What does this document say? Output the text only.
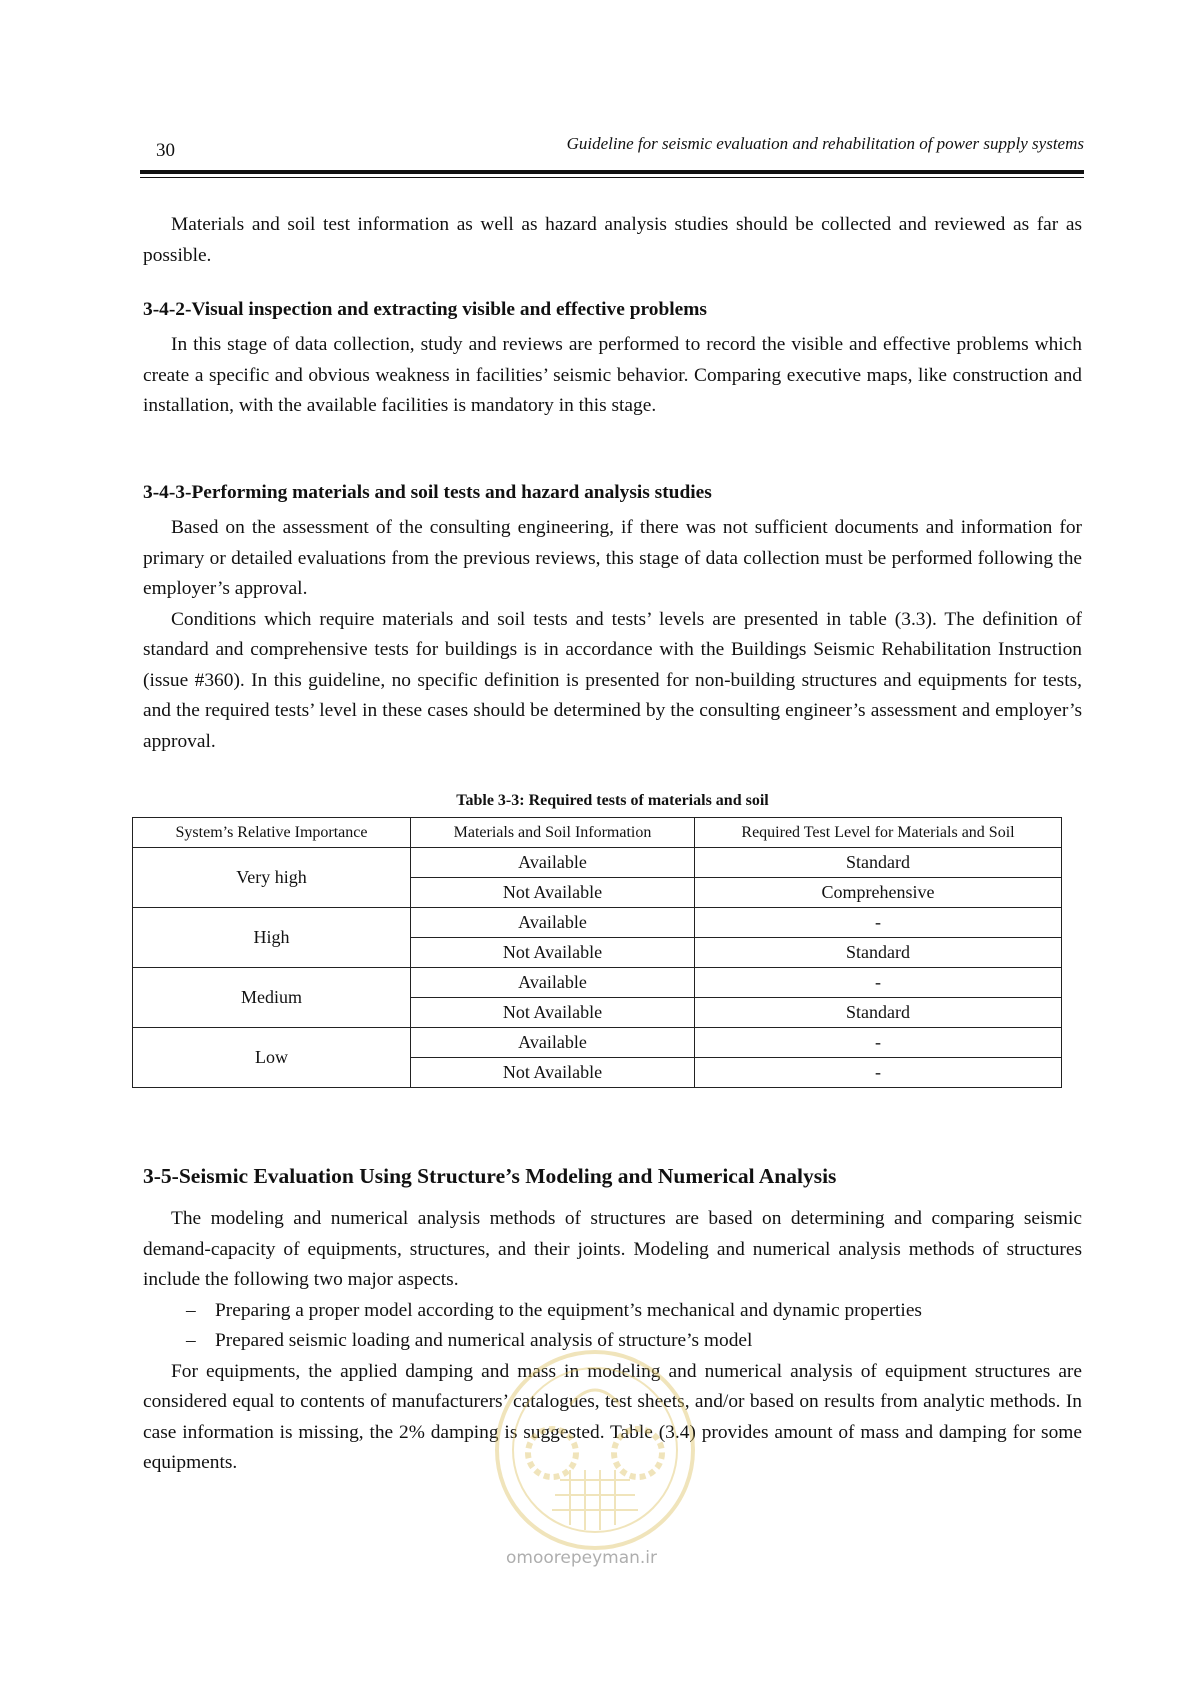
30	Guideline for seismic evaluation and rehabilitation of power supply systems

Materials and soil test information as well as hazard analysis studies should be collected and reviewed as far as possible.

3-4-2-Visual inspection and extracting visible and effective problems

In this stage of data collection, study and reviews are performed to record the visible and effective problems which create a specific and obvious weakness in facilities’ seismic behavior. Comparing executive maps, like construction and installation, with the available facilities is mandatory in this stage.

3-4-3-Performing materials and soil tests and hazard analysis studies

Based on the assessment of the consulting engineering, if there was not sufficient documents and information for primary or detailed evaluations from the previous reviews, this stage of data collection must be performed following the employer’s approval.

Conditions which require materials and soil tests and tests’ levels are presented in table (3.3). The definition of standard and comprehensive tests for buildings is in accordance with the Buildings Seismic Rehabilitation Instruction (issue #360). In this guideline, no specific definition is presented for non-building structures and equipments for tests, and the required tests’ level in these cases should be determined by the consulting engineer’s assessment and employer’s approval.

Table 3-3: Required tests of materials and soil
System’s Relative Importance	Materials and Soil Information	Required Test Level for Materials and Soil
Very high	Available	Standard
	Not Available	Comprehensive
High	Available	-
	Not Available	Standard
Medium	Available	-
	Not Available	Standard
Low	Available	-
	Not Available	-
3-5-Seismic Evaluation Using Structure’s Modeling and Numerical Analysis

The modeling and numerical analysis methods of structures are based on determining and comparing seismic demand-capacity of equipments, structures, and their joints. Modeling and numerical analysis methods of structures include the following two major aspects.

– Preparing a proper model according to the equipment’s mechanical and dynamic properties
– Prepared seismic loading and numerical analysis of structure’s model

For equipments, the applied damping and mass in modeling and numerical analysis of equipment structures are considered equal to contents of manufacturers’ catalogues, test sheets, and/or based on results from analytic methods. In case information is missing, the 2% damping is suggested. Table (3.4) provides amount of mass and damping for some equipments.

omoorepeyman.ir
